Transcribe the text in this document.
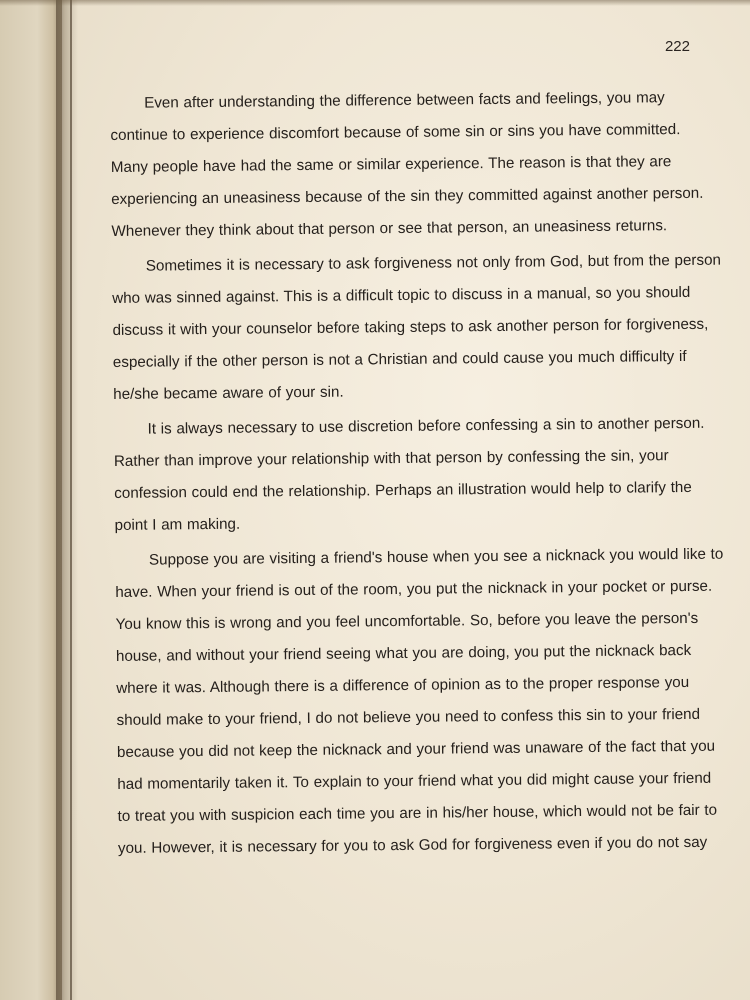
222

Even after understanding the difference between facts and feelings, you may continue to experience discomfort because of some sin or sins you have committed. Many people have had the same or similar experience. The reason is that they are experiencing an uneasiness because of the sin they committed against another person. Whenever they think about that person or see that person, an uneasiness returns.

Sometimes it is necessary to ask forgiveness not only from God, but from the person who was sinned against. This is a difficult topic to discuss in a manual, so you should discuss it with your counselor before taking steps to ask another person for forgiveness, especially if the other person is not a Christian and could cause you much difficulty if he/she became aware of your sin.

It is always necessary to use discretion before confessing a sin to another person. Rather than improve your relationship with that person by confessing the sin, your confession could end the relationship. Perhaps an illustration would help to clarify the point I am making.

Suppose you are visiting a friend's house when you see a nicknack you would like to have. When your friend is out of the room, you put the nicknack in your pocket or purse. You know this is wrong and you feel uncomfortable. So, before you leave the person's house, and without your friend seeing what you are doing, you put the nicknack back where it was. Although there is a difference of opinion as to the proper response you should make to your friend, I do not believe you need to confess this sin to your friend because you did not keep the nicknack and your friend was unaware of the fact that you had momentarily taken it. To explain to your friend what you did might cause your friend to treat you with suspicion each time you are in his/her house, which would not be fair to you. However, it is necessary for you to ask God for forgiveness even if you do not say
